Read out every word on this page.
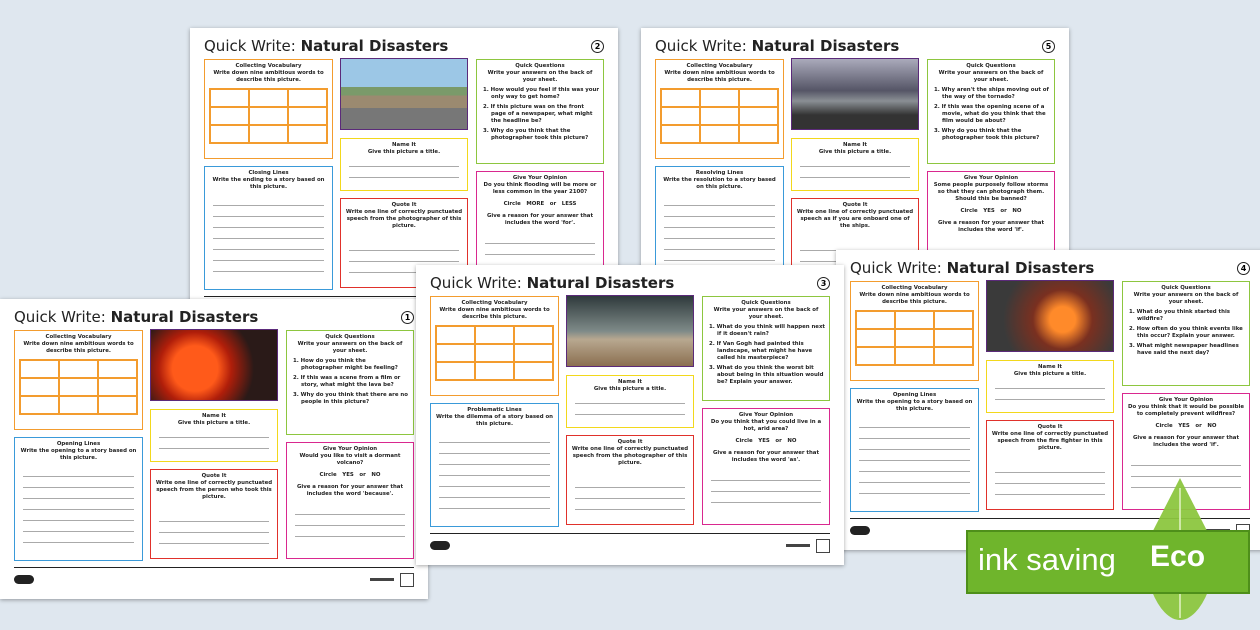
Quick Write: Natural Disasters	2
Collecting Vocabulary
Write down nine ambitious words to describe this picture.
Closing Lines
Write the ending to a story based on this picture.
Name It
Give this picture a title.
Quote It
Write one line of correctly punctuated speech from the photographer of this picture.
Quick Questions
Write your answers on the back of your sheet.
1. How would you feel if this was your only way to get home?
2. If this picture was on the front page of a newspaper, what might the headline be?
3. Why do you think that the photographer took this picture?
Give Your Opinion
Do you think flooding will be more or less common in the year 2100?
Circle   MORE   or   LESS
Give a reason for your answer that includes the word 'for'.
Quick Write: Natural Disasters	5
Collecting Vocabulary
Write down nine ambitious words to describe this picture.
Resolving Lines
Write the resolution to a story based on this picture.
Name It
Give this picture a title.
Quote It
Write one line of correctly punctuated speech as if you are onboard one of the ships.
Quick Questions
Write your answers on the back of your sheet.
1. Why aren't the ships moving out of the way of the tornado?
2. If this was the opening scene of a movie, what do you think that the film would be about?
3. Why do you think that the photographer took this picture?
Give Your Opinion
Some people purposely follow storms so that they can photograph them. Should this be banned?
Circle   YES   or   NO
Give a reason for your answer that includes the word 'if'.
Quick Write: Natural Disasters	1
Collecting Vocabulary
Write down nine ambitious words to describe this picture.
Opening Lines
Write the opening to a story based on this picture.
Name It
Give this picture a title.
Quote It
Write one line of correctly punctuated speech from the person who took this picture.
Quick Questions
Write your answers on the back of your sheet.
1. How do you think the photographer might be feeling?
2. If this was a scene from a film or story, what might the lava be?
3. Why do you think that there are no people in this picture?
Give Your Opinion
Would you like to visit a dormant volcano?
Circle   YES   or   NO
Give a reason for your answer that includes the word 'because'.
Quick Write: Natural Disasters	4
Collecting Vocabulary
Write down nine ambitious words to describe this picture.
Opening Lines
Write the opening to a story based on this picture.
Name It
Give this picture a title.
Quote It
Write one line of correctly punctuated speech from the fire fighter in this picture.
Quick Questions
Write your answers on the back of your sheet.
1. What do you think started this wildfire?
2. How often do you think events like this occur? Explain your answer.
3. What might newspaper headlines have said the next day?
Give Your Opinion
Do you think that it would be possible to completely prevent wildfires?
Circle   YES   or   NO
Give a reason for your answer that includes the word 'if'.
Quick Write: Natural Disasters	3
Collecting Vocabulary
Write down nine ambitious words to describe this picture.
Problematic Lines
Write the dilemma of a story based on this picture.
Name It
Give this picture a title.
Quote It
Write one line of correctly punctuated speech from the photographer of this picture.
Quick Questions
Write your answers on the back of your sheet.
1. What do you think will happen next if it doesn't rain?
2. If Van Gogh had painted this landscape, what might he have called his masterpiece?
3. What do you think the worst bit about being in this situation would be? Explain your answer.
Give Your Opinion
Do you think that you could live in a hot, arid area?
Circle   YES   or   NO
Give a reason for your answer that includes the word 'as'.
ink saving Eco
